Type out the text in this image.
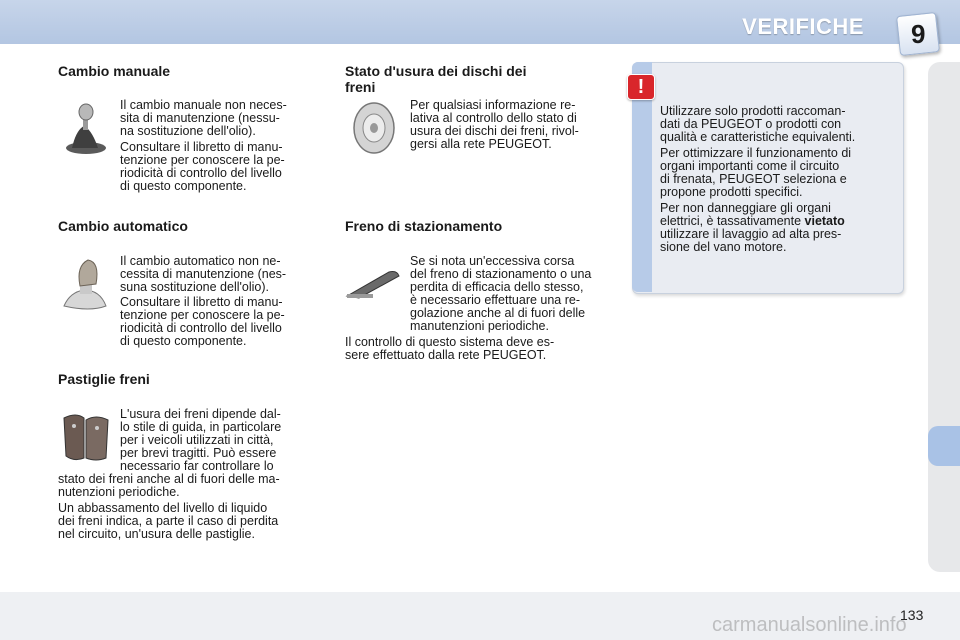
VERIFICHE 9
Cambio manuale

Il cambio manuale non neces-
sita di manutenzione (nessu-
na sostituzione dell'olio).

Consultare il libretto di manu-
tenzione per conoscere la pe-
riodicità di controllo del livello
di questo componente.

Cambio automatico

Il cambio automatico non ne-
cessita di manutenzione (nes-
suna sostituzione dell'olio).

Consultare il libretto di manu-
tenzione per conoscere la pe-
riodicità di controllo del livello
di questo componente.

Pastiglie freni

L'usura dei freni dipende dal-
lo stile di guida, in particolare
per i veicoli utilizzati in città,
per brevi tragitti. Può essere
necessario far controllare lo
stato dei freni anche al di fuori delle ma-
nutenzioni periodiche.

Un abbassamento del livello di liquido
dei freni indica, a parte il caso di perdita
nel circuito, un'usura delle pastiglie.

Stato d'usura dei dischi dei
freni

Per qualsiasi informazione re-
lativa al controllo dello stato di
usura dei dischi dei freni, rivol-
gersi alla rete PEUGEOT.

Freno di stazionamento

Se si nota un'eccessiva corsa
del freno di stazionamento o una
perdita di efficacia dello stesso,
è necessario effettuare una re-
golazione anche al di fuori delle
manutenzioni periodiche.

Il controllo di questo sistema deve es-
sere effettuato dalla rete PEUGEOT.

!

Utilizzare solo prodotti raccoman-
dati da PEUGEOT o prodotti con
qualità e caratteristiche equivalenti.

Per ottimizzare il funzionamento di
organi importanti come il circuito
di frenata, PEUGEOT seleziona e
propone prodotti specifici.

Per non danneggiare gli organi
elettrici, è tassativamente vietato
utilizzare il lavaggio ad alta pres-
sione del vano motore.

133
carmanualsonline.info
